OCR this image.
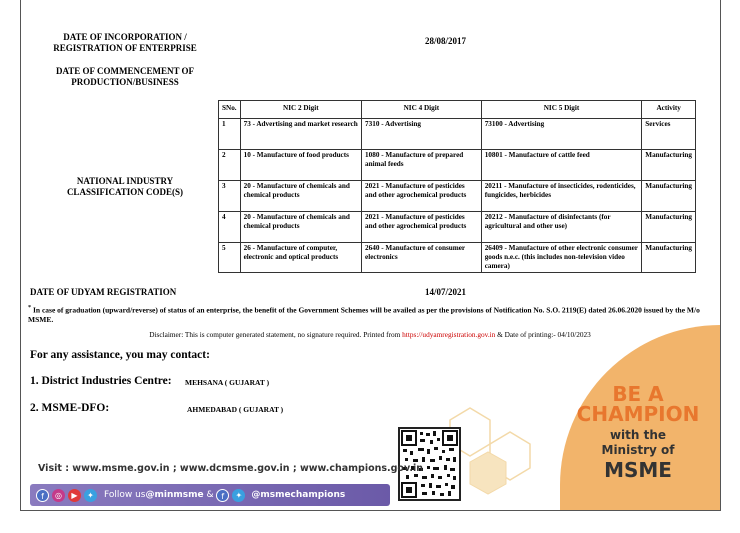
DATE OF INCORPORATION /
REGISTRATION OF ENTERPRISE
28/08/2017
DATE OF COMMENCEMENT OF
PRODUCTION/BUSINESS
NATIONAL INDUSTRY
CLASSIFICATION CODE(S)
SNo.	NIC 2 Digit	NIC 4 Digit	NIC 5 Digit	Activity
1	73 - Advertising and market research	7310 - Advertising	73100 - Advertising	Services
2	10 - Manufacture of food products	1080 - Manufacture of prepared animal feeds	10801 - Manufacture of cattle feed	Manufacturing
3	20 - Manufacture of chemicals and chemical products	2021 - Manufacture of pesticides and other agrochemical products	20211 - Manufacture of insecticides, rodenticides, fungicides, herbicides	Manufacturing
4	20 - Manufacture of chemicals and chemical products	2021 - Manufacture of pesticides and other agrochemical products	20212 - Manufacture of disinfectants (for agricultural and other use)	Manufacturing
5	26 - Manufacture of computer, electronic and optical products	2640 - Manufacture of consumer electronics	26409 - Manufacture of other electronic consumer goods n.e.c. (this includes non-television video camera)	Manufacturing
DATE OF UDYAM REGISTRATION	14/07/2021
* In case of graduation (upward/reverse) of status of an enterprise, the benefit of the Government Schemes will be availed as per the provisions of Notification No. S.O. 2119(E) dated 26.06.2020 issued by the M/o MSME.
Disclaimer: This is computer generated statement, no signature required. Printed from https://udyamregistration.gov.in & Date of printing:- 04/10/2023
For any assistance, you may contact:
1. District Industries Centre: MEHSANA ( GUJARAT )
2. MSME-DFO:	AHMEDABAD ( GUJARAT )
BE A
CHAMPION
with the
Ministry of
MSME
Visit : www.msme.gov.in ; www.dcmsme.gov.in ; www.champions.gov.in
f	◎	▶	✦	Follow us @minmsme & f	✦	@msmechampions
